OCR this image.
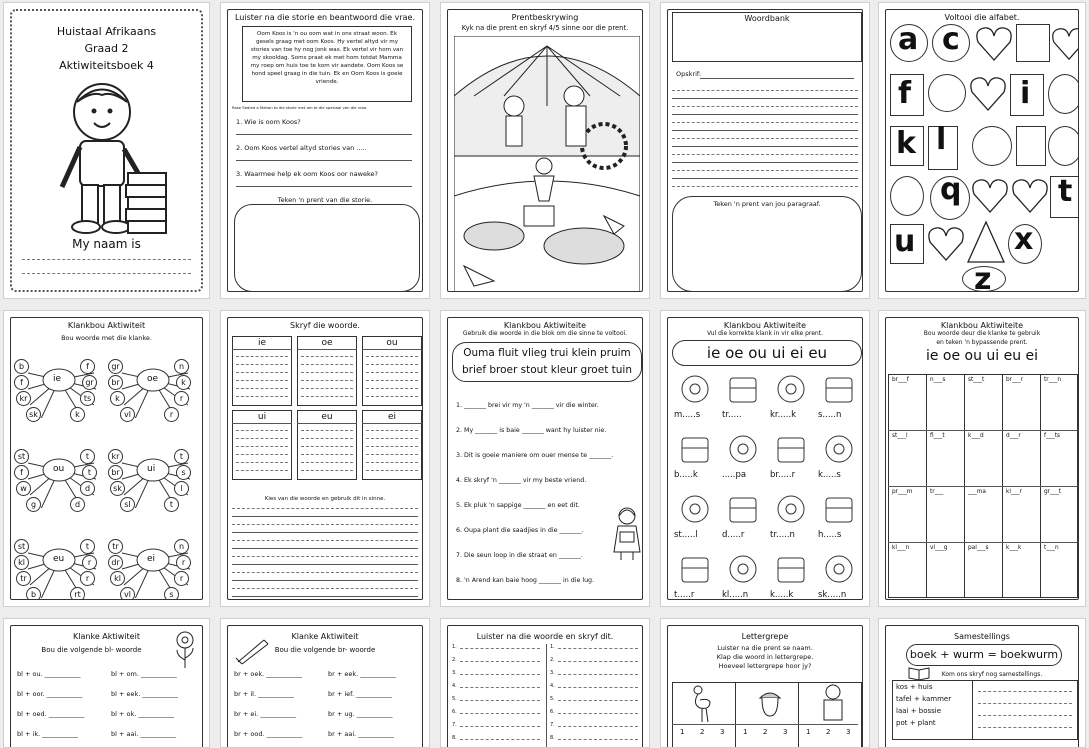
Huistaal Afrikaans
Graad 2
Aktiwiteitsboek 4
My naam is
Luister na die storie en beantwoord die vrae.
Oom Koos is 'n ou oom wat in ons straat woon. Ek gesels graag met oom Koos. Hy vertel altyd vir my stories van toe hy nog jonk was. Ek vertel vir hom van my skooldag. Soms praat ek met hom totdat Mamma my roep om huis toe te kom vir aandete. Oom Koos se hond speel graag in die tuin. Ek en Oom Koos is goeie vriende.
Rose Sealed a Mahon to die storie met om te die spesiaal van die vrae.
1. Wie is oom Koos?
2. Oom Koos vertel altyd stories van .....
3. Waarmee help ek oom Koos oor naweke?
Teken 'n prent van die storie.
Prentbeskrywing
Kyk na die prent en skryf 4/5 sinne oor die prent.
Woordbank
Opskrif:
Teken 'n prent van jou paragraaf.
Voltooi die alfabet.
a c
f	i
k l
q	t
u	x
z
Klankbou Aktiwiteit
Bou woorde met die klanke.
ie
b
f
kr
sk
f
gr
ts
k
oe
gr
br
k
vl
n
k
r
r
ou
st
f
w
g
t
t
d
d
ui
kr
br
sk
sl
t
s
l
t
eu
st
kl
tr
b
t
r
r
rt
ei
tr
dr
kl
vl
n
r
r
s
Skryf die woorde.
ie	oe	ou
ui	eu	ei
Kies van die woorde en gebruik dit in sinne.
Klankbou Aktiwiteite
Gebruik die woorde in die blok om die sinne te voltooi.
Ouma fluit vlieg trui klein pruim
brief broer stout kleur groet tuin
1. _______ brei vir my 'n _______ vir die winter.
2. My _______ is baie _______ want hy luister nie.
3. Dit is goeie maniere om ouer mense te _______.
4. Ek skryf 'n _______ vir my beste vriend.
5. Ek pluk 'n sappige _______ en eet dit.
6. Oupa plant die saadjies in die _______.
7. Die seun loop in die straat en _______.
8. 'n Arend kan baie hoog _______ in die lug.
Klankbou Aktiwiteite
Vul die korrekte klank in vir elke prent.
ie oe ou ui ei eu
m.....s	tr.....	kr.....k	s.....n
b.....k	.....pa	br.....r	k.....s
st.....l	d.....r	tr.....n	h.....s
t.....r	kl.....n	k.....k	sk.....n
Klankbou Aktiwiteite
Bou woorde deur die klanke te gebruik
en teken 'n bypassende prent.
ie oe ou ui eu ei
br___f	n___s	st___t	br___r	tr___n
st___l	fl___t	k___d	d___r	f___ts
pr___m	tr___	___ma	kl___r	gr___t
kl___n	vl___g	pal___s	k___k	t___n
Klanke Aktiwiteit
Bou die volgende bl- woorde
bl + ou. ___________	bl + om. ___________
bl + oor. ___________	bl + eek. ___________
bl + oed. ___________	bl + ok. ___________
bl + ik. ___________	bl + aai. ___________
Klanke Aktiwiteit
Bou die volgende br- woorde
br + oek. ___________	br + eek. ___________
br + il. ___________	br + ief. ___________
br + ei. ___________	br + ug. ___________
br + ood. ___________	br + aai. ___________
Luister na die woorde en skryf dit.
1.	1.
2.	2.
3.	3.
4.	4.
5.	5.
6.	6.
7.	7.
8.	8.
Lettergrepe
Luister na die prent se naam.
Klap die woord in lettergrepe.
Hoeveel lettergrepe hoor jy?
1 2 3	1 2 3	1 2 3
Samestellings
boek + wurm = boekwurm
Kom ons skryf nog samestellings.
kos + huis
tafel + kammer
laai + bossie
pot + plant
